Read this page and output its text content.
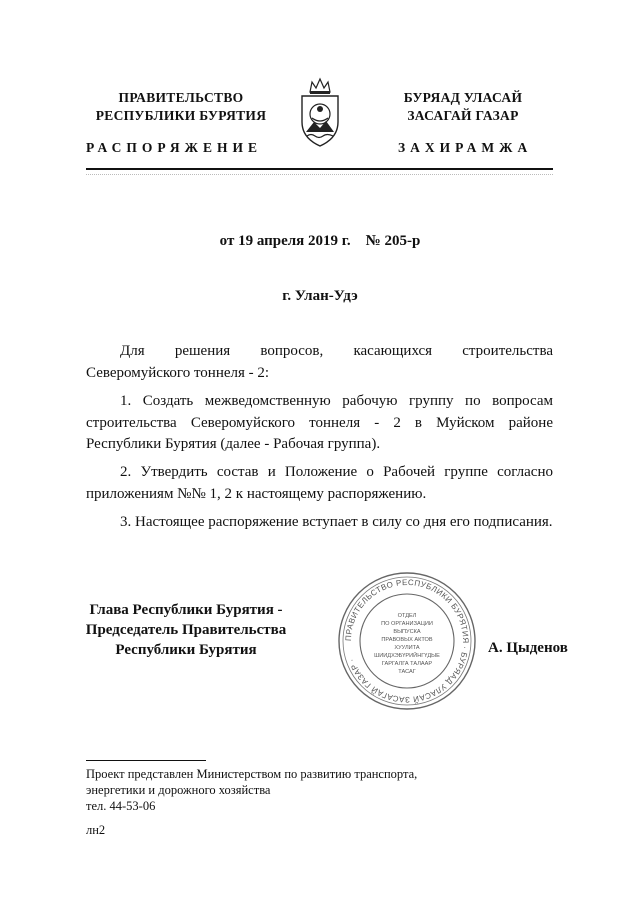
ПРАВИТЕЛЬСТВО
РЕСПУБЛИКИ БУРЯТИЯ
БУРЯАД УЛАСАЙ
ЗАСАГАЙ ГАЗАР
РАСПОРЯЖЕНИЕ	ЗАХИРАМЖА
от 19 апреля 2019 г.    № 205-р
г. Улан-Удэ
Для решения вопросов, касающихся строительства Северомуйского тоннеля - 2:
1. Создать межведомственную рабочую группу по вопросам строительства Северомуйского тоннеля - 2 в Муйском районе Республики Бурятия (далее - Рабочая группа).
2. Утвердить состав и Положение о Рабочей группе согласно приложениям №№ 1, 2 к настоящему распоряжению.
3. Настоящее распоряжение вступает в силу со дня его подписания.
Глава Республики Бурятия -
Председатель Правительства
Республики Бурятия
ПРАВИТЕЛЬСТВО РЕСПУБЛИКИ БУРЯТИЯ · БУРЯАД УЛАСАЙ ЗАСАГАЙ ГАЗАР ·
ОТДЕЛ
ПО ОРГАНИЗАЦИИ
ВЫПУСКА
ПРАВОВЫХ АКТОВ
ХУУЛИТА
ШИИДХЭБҮРИЙНГҮДЫЕ
ГАРГАЛГА ТАЛААР
ТАСАГ
А. Цыденов
Проект представлен Министерством по развитию транспорта,
энергетики и дорожного хозяйства
тел. 44-53-06
лн2
